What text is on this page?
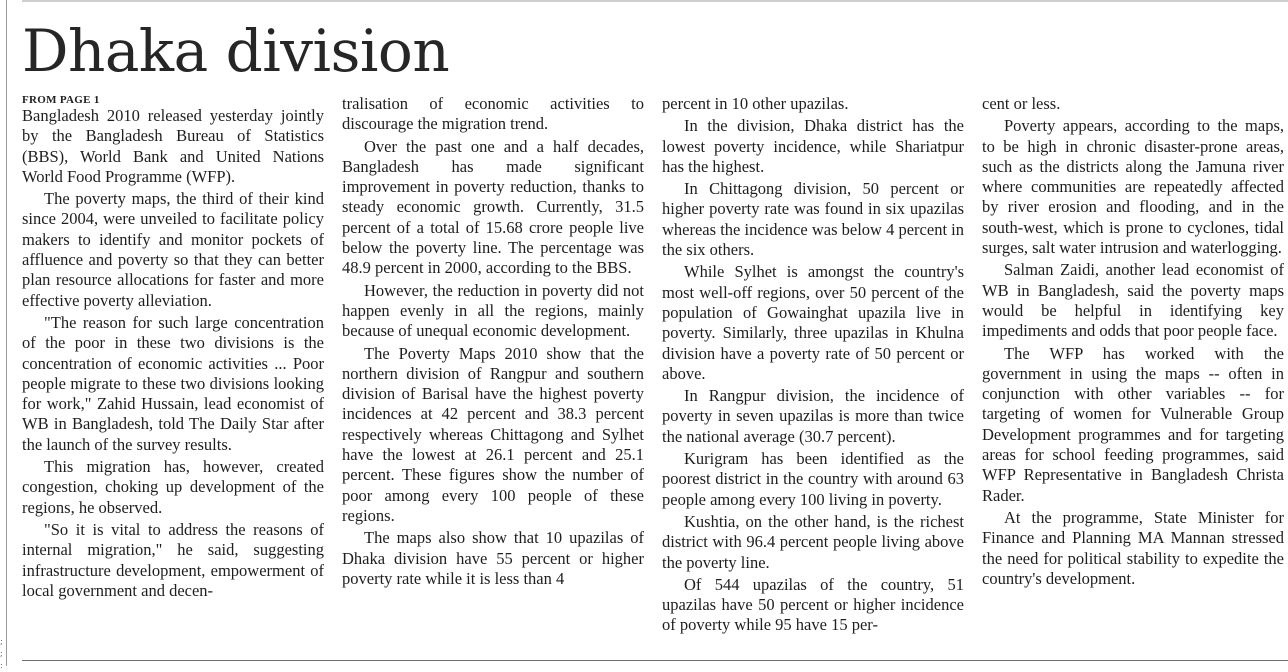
; ; :
Dhaka division
FROM PAGE 1

Bangladesh 2010 released yesterday jointly by the Bangladesh Bureau of Statistics (BBS), World Bank and United Nations World Food Programme (WFP).

The poverty maps, the third of their kind since 2004, were unveiled to facilitate policy makers to identify and monitor pockets of affluence and poverty so that they can better plan resource allocations for faster and more effective poverty alleviation.

"The reason for such large concentration of the poor in these two divisions is the concentration of economic activities ... Poor people migrate to these two divisions looking for work," Zahid Hussain, lead economist of WB in Bangladesh, told The Daily Star after the launch of the survey results.

This migration has, however, created congestion, choking up development of the regions, he observed.

"So it is vital to address the reasons of internal migration," he said, suggesting infrastructure development, empowerment of local government and decen-

tralisation of economic activities to discourage the migration trend.

Over the past one and a half decades, Bangladesh has made significant improvement in poverty reduction, thanks to steady economic growth. Currently, 31.5 percent of a total of 15.68 crore people live below the poverty line. The percentage was 48.9 percent in 2000, according to the BBS.

However, the reduction in poverty did not happen evenly in all the regions, mainly because of unequal economic development.

The Poverty Maps 2010 show that the northern division of Rangpur and southern division of Barisal have the highest poverty incidences at 42 percent and 38.3 percent respectively whereas Chittagong and Sylhet have the lowest at 26.1 percent and 25.1 percent. These figures show the number of poor among every 100 people of these regions.

The maps also show that 10 upazilas of Dhaka division have 55 percent or higher poverty rate while it is less than 4

percent in 10 other upazilas.

In the division, Dhaka district has the lowest poverty incidence, while Shariatpur has the highest.

In Chittagong division, 50 percent or higher poverty rate was found in six upazilas whereas the incidence was below 4 percent in the six others.

While Sylhet is amongst the country's most well-off regions, over 50 percent of the population of Gowainghat upazila live in poverty. Similarly, three upazilas in Khulna division have a poverty rate of 50 percent or above.

In Rangpur division, the incidence of poverty in seven upazilas is more than twice the national average (30.7 percent).

Kurigram has been identified as the poorest district in the country with around 63 people among every 100 living in poverty.

Kushtia, on the other hand, is the richest district with 96.4 percent people living above the poverty line.

Of 544 upazilas of the country, 51 upazilas have 50 percent or higher incidence of poverty while 95 have 15 per-

cent or less.

Poverty appears, according to the maps, to be high in chronic disaster-prone areas, such as the districts along the Jamuna river where communities are repeatedly affected by river erosion and flooding, and in the south-west, which is prone to cyclones, tidal surges, salt water intrusion and waterlogging.

Salman Zaidi, another lead economist of WB in Bangladesh, said the poverty maps would be helpful in identifying key impediments and odds that poor people face.

The WFP has worked with the government in using the maps -- often in conjunction with other variables -- for targeting of women for Vulnerable Group Development programmes and for targeting areas for school feeding programmes, said WFP Representative in Bangladesh Christa Rader.

At the programme, State Minister for Finance and Planning MA Mannan stressed the need for political stability to expedite the country's development.
